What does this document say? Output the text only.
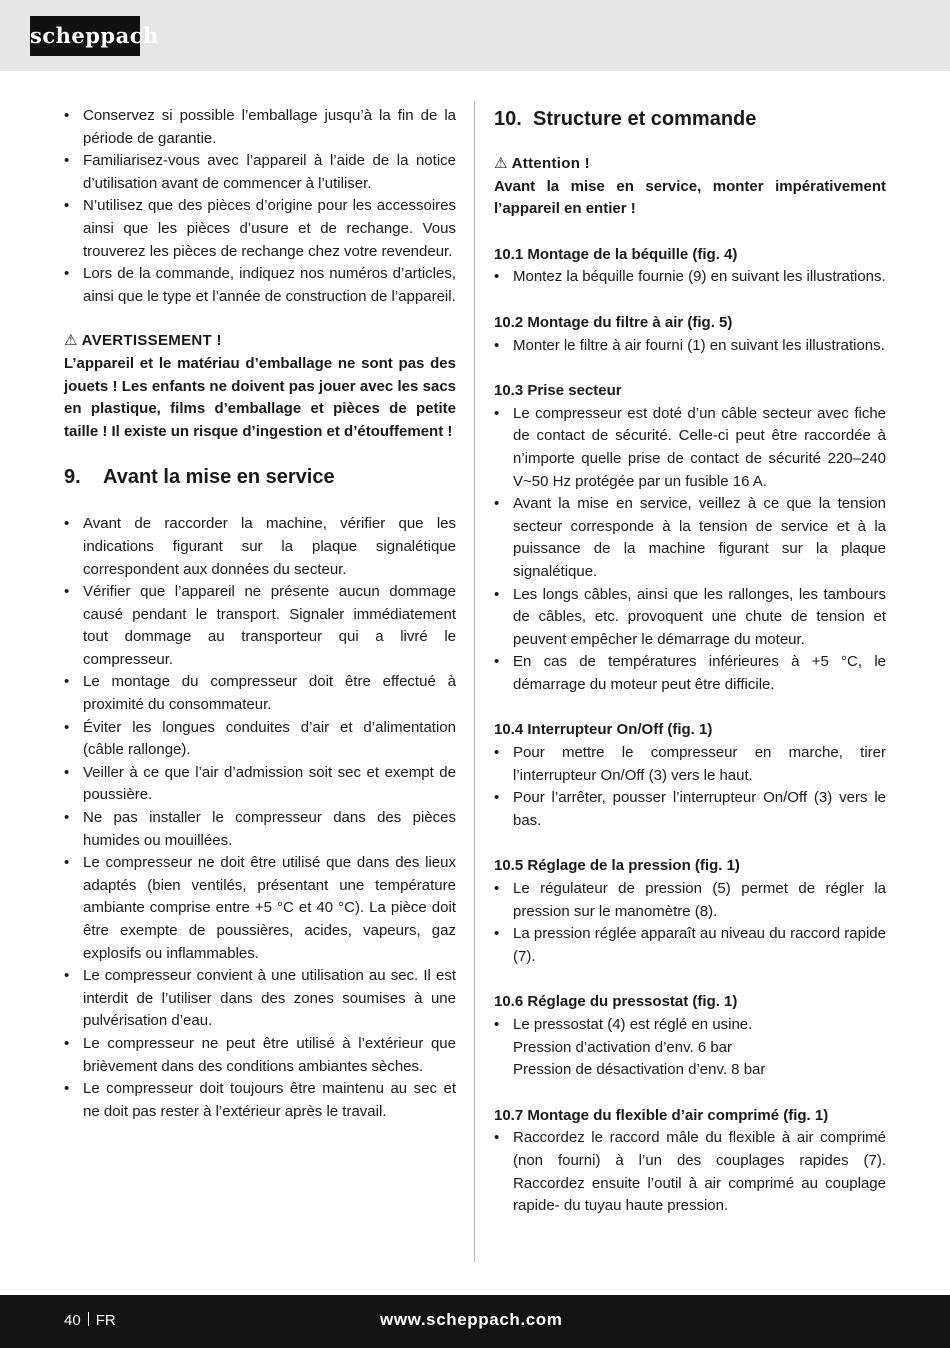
scheppach
• Conservez si possible l’emballage jusqu’à la fin de la période de garantie.
• Familiarisez-vous avec l’appareil à l’aide de la notice d’utilisation avant de commencer à l’utiliser.
• N’utilisez que des pièces d’origine pour les accessoires ainsi que les pièces d’usure et de rechange. Vous trouverez les pièces de rechange chez votre revendeur.
• Lors de la commande, indiquez nos numéros d’articles, ainsi que le type et l’année de construction de l’appareil.
⚠ AVERTISSEMENT !
L’appareil et le matériau d’emballage ne sont pas des jouets ! Les enfants ne doivent pas jouer avec les sacs en plastique, films d’emballage et pièces de petite taille ! Il existe un risque d’ingestion et d’étouffement !
9. Avant la mise en service
• Avant de raccorder la machine, vérifier que les indications figurant sur la plaque signalétique correspondent aux données du secteur.
• Vérifier que l’appareil ne présente aucun dommage causé pendant le transport. Signaler immédiatement tout dommage au transporteur qui a livré le compresseur.
• Le montage du compresseur doit être effectué à proximité du consommateur.
• Éviter les longues conduites d’air et d’alimentation (câble rallonge).
• Veiller à ce que l’air d’admission soit sec et exempt de poussière.
• Ne pas installer le compresseur dans des pièces humides ou mouillées.
• Le compresseur ne doit être utilisé que dans des lieux adaptés (bien ventilés, présentant une température ambiante comprise entre +5 °C et 40 °C). La pièce doit être exempte de poussières, acides, vapeurs, gaz explosifs ou inflammables.
• Le compresseur convient à une utilisation au sec. Il est interdit de l’utiliser dans des zones soumises à une pulvérisation d’eau.
• Le compresseur ne peut être utilisé à l’extérieur que brièvement dans des conditions ambiantes sèches.
• Le compresseur doit toujours être maintenu au sec et ne doit pas rester à l’extérieur après le travail.
10. Structure et commande
⚠ Attention !
Avant la mise en service, monter impérativement l’appareil en entier !
10.1 Montage de la béquille (fig. 4)
• Montez la béquille fournie (9) en suivant les illustrations.
10.2 Montage du filtre à air (fig. 5)
• Monter le filtre à air fourni (1) en suivant les illustrations.
10.3 Prise secteur
• Le compresseur est doté d’un câble secteur avec fiche de contact de sécurité. Celle-ci peut être raccordée à n’importe quelle prise de contact de sécurité 220–240 V~50 Hz protégée par un fusible 16 A.
• Avant la mise en service, veillez à ce que la tension secteur corresponde à la tension de service et à la puissance de la machine figurant sur la plaque signalétique.
• Les longs câbles, ainsi que les rallonges, les tambours de câbles, etc. provoquent une chute de tension et peuvent empêcher le démarrage du moteur.
• En cas de températures inférieures à +5 °C, le démarrage du moteur peut être difficile.
10.4 Interrupteur On/Off (fig. 1)
• Pour mettre le compresseur en marche, tirer l’interrupteur On/Off (3) vers le haut.
• Pour l’arrêter, pousser l’interrupteur On/Off (3) vers le bas.
10.5 Réglage de la pression (fig. 1)
• Le régulateur de pression (5) permet de régler la pression sur le manomètre (8).
• La pression réglée apparaît au niveau du raccord rapide (7).
10.6 Réglage du pressostat (fig. 1)
• Le pressostat (4) est réglé en usine.
Pression d’activation d’env. 6 bar
Pression de désactivation d’env. 8 bar
10.7 Montage du flexible d’air comprimé (fig. 1)
• Raccordez le raccord mâle du flexible à air comprimé (non fourni) à l’un des couplages rapides (7). Raccordez ensuite l’outil à air comprimé au couplage rapide- du tuyau haute pression.
40 FR	www.scheppach.com
